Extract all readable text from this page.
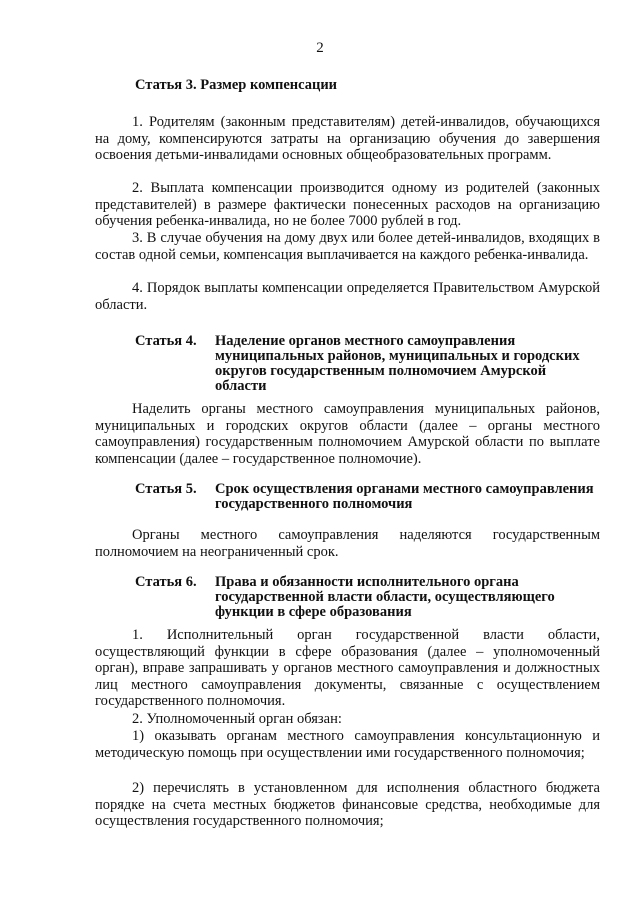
2
Статья 3. Размер компенсации
1. Родителям (законным представителям) детей-инвалидов, обучающихся на дому, компенсируются затраты на организацию обучения до завершения освоения детьми-инвалидами основных общеобразовательных программ.
2. Выплата компенсации производится одному из родителей (законных представителей) в размере фактически понесенных расходов на организацию обучения ребенка-инвалида, но не более 7000 рублей в год.
3. В случае обучения на дому двух или более детей-инвалидов, входящих в состав одной семьи, компенсация выплачивается на каждого ребенка-инвалида.
4. Порядок выплаты компенсации определяется Правительством Амурской области.
Статья 4.	Наделение органов местного самоуправления муниципальных районов, муниципальных и городских округов государственным полномочием Амурской области
Наделить органы местного самоуправления муниципальных районов, муниципальных и городских округов области (далее – органы местного самоуправления) государственным полномочием Амурской области по выплате компенсации (далее – государственное полномочие).
Статья 5.	Срок осуществления органами местного самоуправления государственного полномочия
Органы местного самоуправления наделяются государственным полномочием на неограниченный срок.
Статья 6.	Права и обязанности исполнительного органа государственной власти области, осуществляющего функции в сфере образования
1. Исполнительный орган государственной власти области, осуществляющий функции в сфере образования (далее – уполномоченный орган), вправе запрашивать у органов местного самоуправления и должностных лиц местного самоуправления документы, связанные с осуществлением государственного полномочия.
2. Уполномоченный орган обязан:
1) оказывать органам местного самоуправления консультационную и методическую помощь при осуществлении ими государственного полномочия;
2) перечислять в установленном для исполнения областного бюджета порядке на счета местных бюджетов финансовые средства, необходимые для осуществления государственного полномочия;
